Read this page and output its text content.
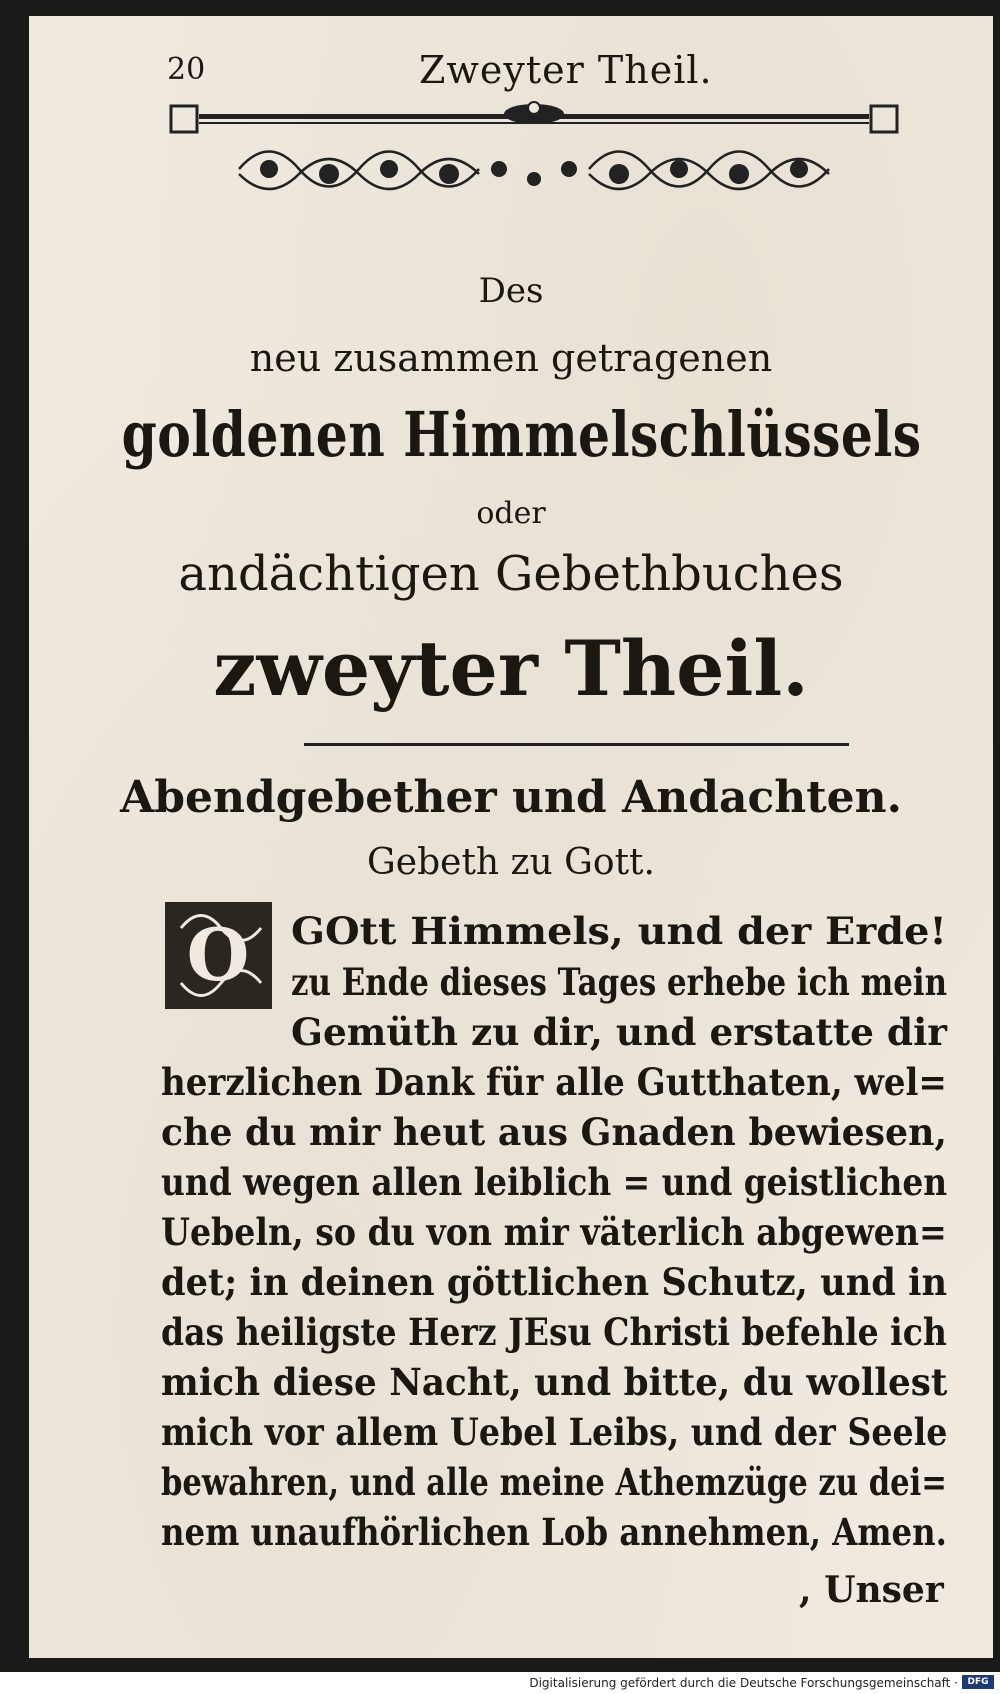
20	Zweyter Theil.
Des
neu zusammen getragenen
goldenen Himmelschlüssels
oder
andächtigen Gebethbuches
zweyter Theil.
Abendgebether und Andachten.
Gebeth zu Gott.
O GOtt Himmels, und der Erde!
zu Ende dieses Tages erhebe ich mein
Gemüth zu dir, und erstatte dir
herzlichen Dank für alle Gutthaten, wel=
che du mir heut aus Gnaden bewiesen,
und wegen allen leiblich = und geistlichen
Uebeln, so du von mir väterlich abgewen=
det; in deinen göttlichen Schutz, und in
das heiligste Herz JEsu Christi befehle ich
mich diese Nacht, und bitte, du wollest
mich vor allem Uebel Leibs, und der Seele
bewahren, und alle meine Athemzüge zu dei=
nem unaufhörlichen Lob annehmen, Amen.
, Unser
Digitalisierung gefördert durch die Deutsche Forschungsgemeinschaft ·	DFG
